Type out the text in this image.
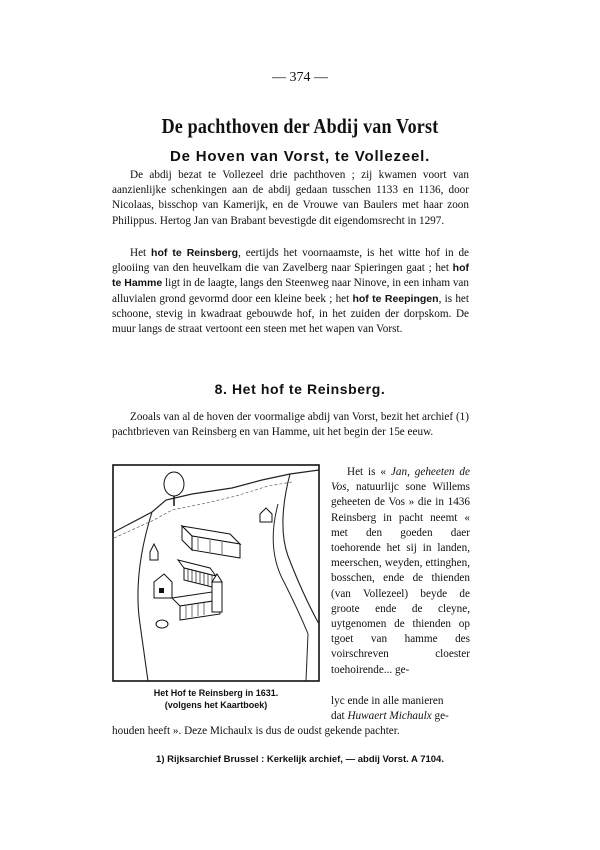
— 374 —
De pachthoven der Abdij van Vorst
De Hoven van Vorst, te Vollezeel.

De abdij bezat te Vollezeel drie pachthoven ; zij kwamen voort van aanzienlijke schenkingen aan de abdij gedaan tusschen 1133 en 1136, door Nicolaas, bisschop van Kamerijk, en de Vrouwe van Baulers met haar zoon Philippus. Hertog Jan van Brabant bevestigde dit eigendomsrecht in 1297.

Het hof te Reinsberg, eertijds het voornaamste, is het witte hof in de glooiing van den heuvelkam die van Zavelberg naar Spieringen gaat ; het hof te Hamme ligt in de laagte, langs den Steenweg naar Ninove, in een inham van alluvialen grond gevormd door een kleine beek ; het hof te Reepingen, is het schoone, stevig in kwadraat gebouwde hof, in het zuiden der dorpskom. De muur langs de straat vertoont een steen met het wapen van Vorst.

8. Het hof te Reinsberg.

Zooals van al de hoven der voormalige abdij van Vorst, bezit het archief (1) pachtbrieven van Reinsberg en van Hamme, uit het begin der 15e eeuw.

Het Hof te Reinsberg in 1631.
(volgens het Kaartboek)

Het is « Jan, geheeten de Vos, natuurlijc sone Willems geheeten de Vos » die in 1436 Reinsberg in pacht neemt « met den goeden daer toehorende het sij in landen, meerschen, weyden, ettinghen, bosschen, ende de thienden (van Vollezeel) beyde de groote ende de cleyne, uytgenomen de thienden op tgoet van hamme des voirschreven cloester toehoirende... ge-

lyc ende in alle manieren
dat Huwaert Michaulx ge-
houden heeft ». Deze Michaulx is dus de oudst gekende pachter.
1) Rijksarchief Brussel : Kerkelijk archief, — abdij Vorst. A 7104.
